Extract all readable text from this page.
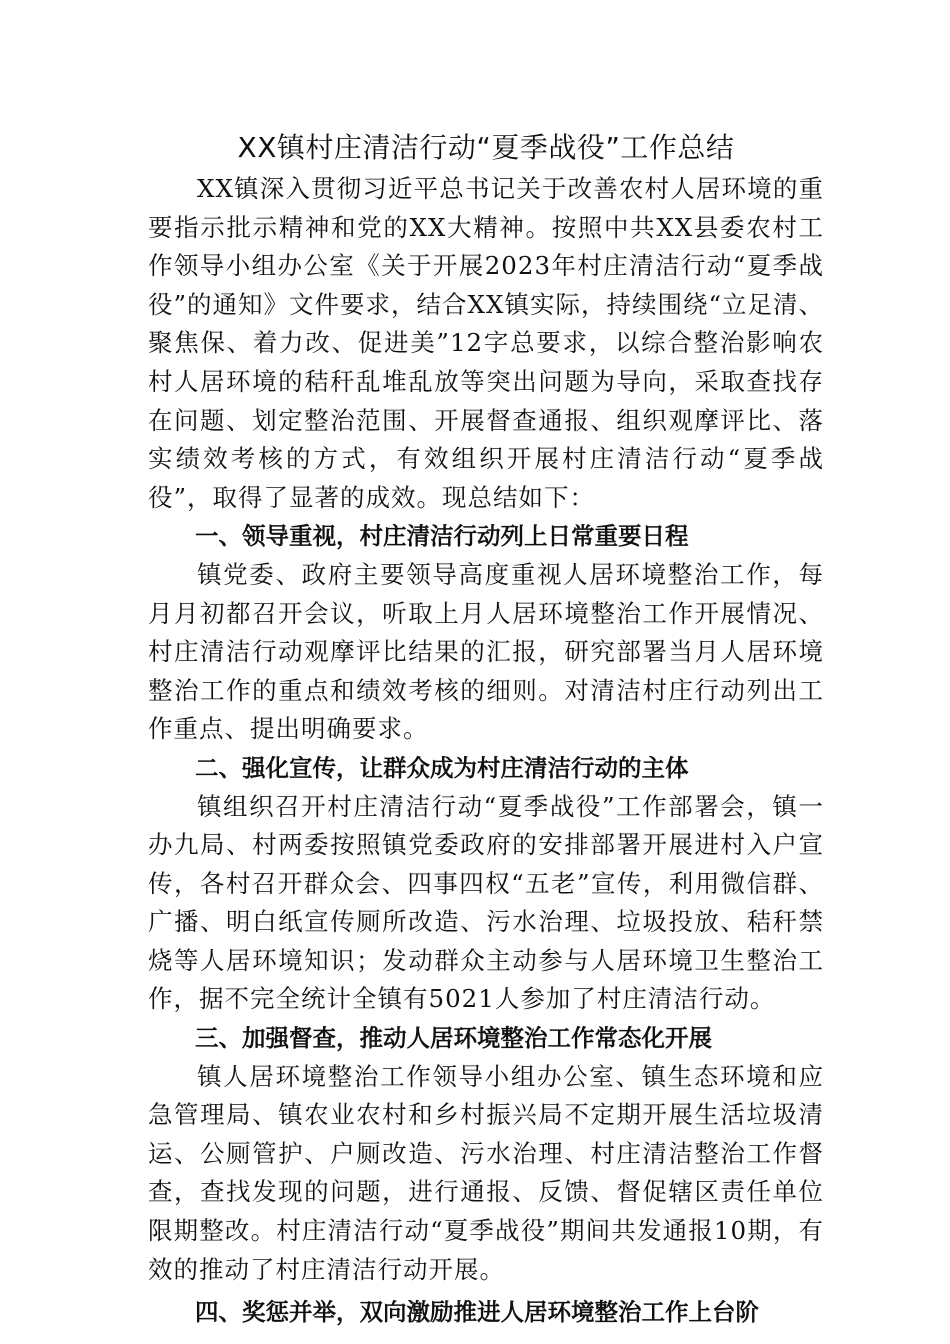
XX镇村庄清洁行动“夏季战役”工作总结

XX镇深入贯彻习近平总书记关于改善农村人居环境的重要指示批示精神和党的XX大精神。按照中共XX县委农村工作领导小组办公室《关于开展2023年村庄清洁行动“夏季战役”的通知》文件要求，结合XX镇实际，持续围绕“立足清、聚焦保、着力改、促进美”12字总要求，以综合整治影响农村人居环境的秸秆乱堆乱放等突出问题为导向，采取查找存在问题、划定整治范围、开展督查通报、组织观摩评比、落实绩效考核的方式，有效组织开展村庄清洁行动“夏季战役”，取得了显著的成效。现总结如下：

一、领导重视，村庄清洁行动列上日常重要日程

镇党委、政府主要领导高度重视人居环境整治工作，每月月初都召开会议，听取上月人居环境整治工作开展情况、村庄清洁行动观摩评比结果的汇报，研究部署当月人居环境整治工作的重点和绩效考核的细则。对清洁村庄行动列出工作重点、提出明确要求。

二、强化宣传，让群众成为村庄清洁行动的主体

镇组织召开村庄清洁行动“夏季战役”工作部署会，镇一办九局、村两委按照镇党委政府的安排部署开展进村入户宣传，各村召开群众会、四事四权“五老”宣传，利用微信群、广播、明白纸宣传厕所改造、污水治理、垃圾投放、秸秆禁烧等人居环境知识；发动群众主动参与人居环境卫生整治工作，据不完全统计全镇有5021人参加了村庄清洁行动。

三、加强督查，推动人居环境整治工作常态化开展

镇人居环境整治工作领导小组办公室、镇生态环境和应急管理局、镇农业农村和乡村振兴局不定期开展生活垃圾清运、公厕管护、户厕改造、污水治理、村庄清洁整治工作督查，查找发现的问题，进行通报、反馈、督促辖区责任单位限期整改。村庄清洁行动“夏季战役”期间共发通报10期，有效的推动了村庄清洁行动开展。

四、奖惩并举，双向激励推进人居环境整治工作上台阶
